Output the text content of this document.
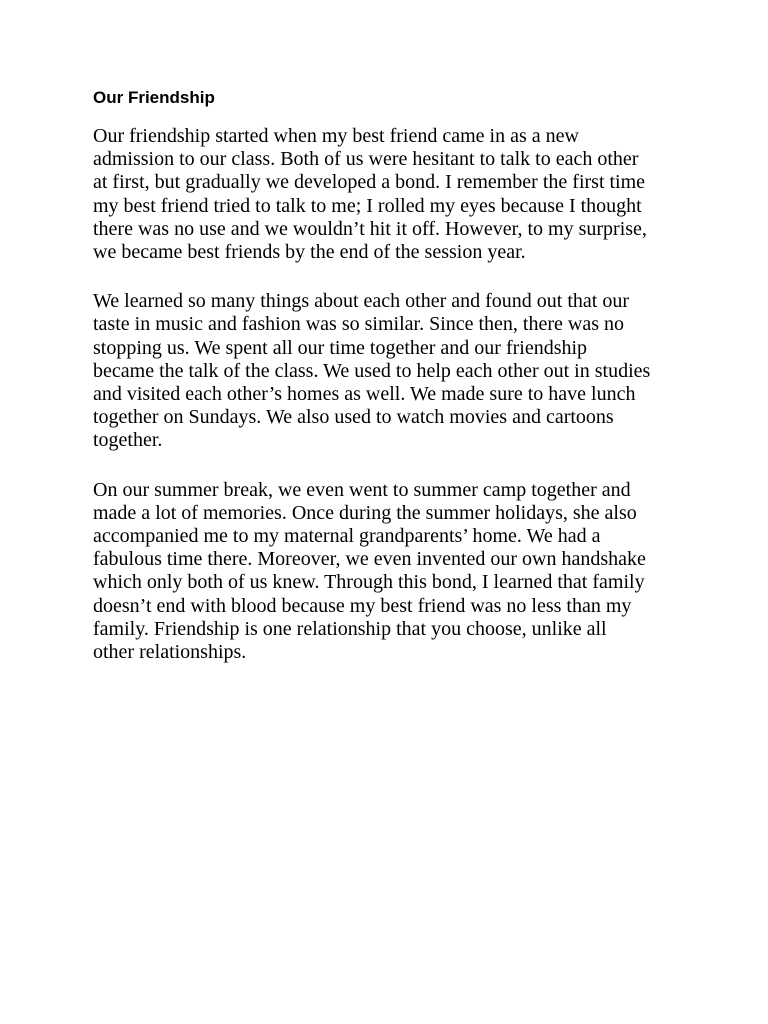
Our Friendship

Our friendship started when my best friend came in as a new
admission to our class. Both of us were hesitant to talk to each other
at first, but gradually we developed a bond. I remember the first time
my best friend tried to talk to me; I rolled my eyes because I thought
there was no use and we wouldn’t hit it off. However, to my surprise,
we became best friends by the end of the session year.

We learned so many things about each other and found out that our
taste in music and fashion was so similar. Since then, there was no
stopping us. We spent all our time together and our friendship
became the talk of the class. We used to help each other out in studies
and visited each other’s homes as well. We made sure to have lunch
together on Sundays. We also used to watch movies and cartoons
together.

On our summer break, we even went to summer camp together and
made a lot of memories. Once during the summer holidays, she also
accompanied me to my maternal grandparents’ home. We had a
fabulous time there. Moreover, we even invented our own handshake
which only both of us knew. Through this bond, I learned that family
doesn’t end with blood because my best friend was no less than my
family. Friendship is one relationship that you choose, unlike all
other relationships.
